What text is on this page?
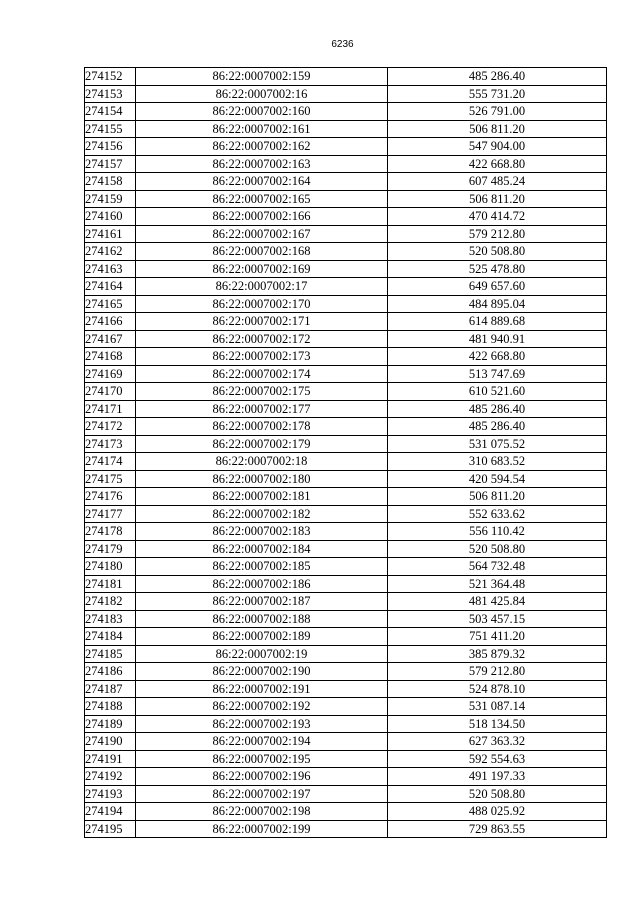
6236
274152	86:22:0007002:159	485 286.40
274153	86:22:0007002:16	555 731.20
274154	86:22:0007002:160	526 791.00
274155	86:22:0007002:161	506 811.20
274156	86:22:0007002:162	547 904.00
274157	86:22:0007002:163	422 668.80
274158	86:22:0007002:164	607 485.24
274159	86:22:0007002:165	506 811.20
274160	86:22:0007002:166	470 414.72
274161	86:22:0007002:167	579 212.80
274162	86:22:0007002:168	520 508.80
274163	86:22:0007002:169	525 478.80
274164	86:22:0007002:17	649 657.60
274165	86:22:0007002:170	484 895.04
274166	86:22:0007002:171	614 889.68
274167	86:22:0007002:172	481 940.91
274168	86:22:0007002:173	422 668.80
274169	86:22:0007002:174	513 747.69
274170	86:22:0007002:175	610 521.60
274171	86:22:0007002:177	485 286.40
274172	86:22:0007002:178	485 286.40
274173	86:22:0007002:179	531 075.52
274174	86:22:0007002:18	310 683.52
274175	86:22:0007002:180	420 594.54
274176	86:22:0007002:181	506 811.20
274177	86:22:0007002:182	552 633.62
274178	86:22:0007002:183	556 110.42
274179	86:22:0007002:184	520 508.80
274180	86:22:0007002:185	564 732.48
274181	86:22:0007002:186	521 364.48
274182	86:22:0007002:187	481 425.84
274183	86:22:0007002:188	503 457.15
274184	86:22:0007002:189	751 411.20
274185	86:22:0007002:19	385 879.32
274186	86:22:0007002:190	579 212.80
274187	86:22:0007002:191	524 878.10
274188	86:22:0007002:192	531 087.14
274189	86:22:0007002:193	518 134.50
274190	86:22:0007002:194	627 363.32
274191	86:22:0007002:195	592 554.63
274192	86:22:0007002:196	491 197.33
274193	86:22:0007002:197	520 508.80
274194	86:22:0007002:198	488 025.92
274195	86:22:0007002:199	729 863.55
